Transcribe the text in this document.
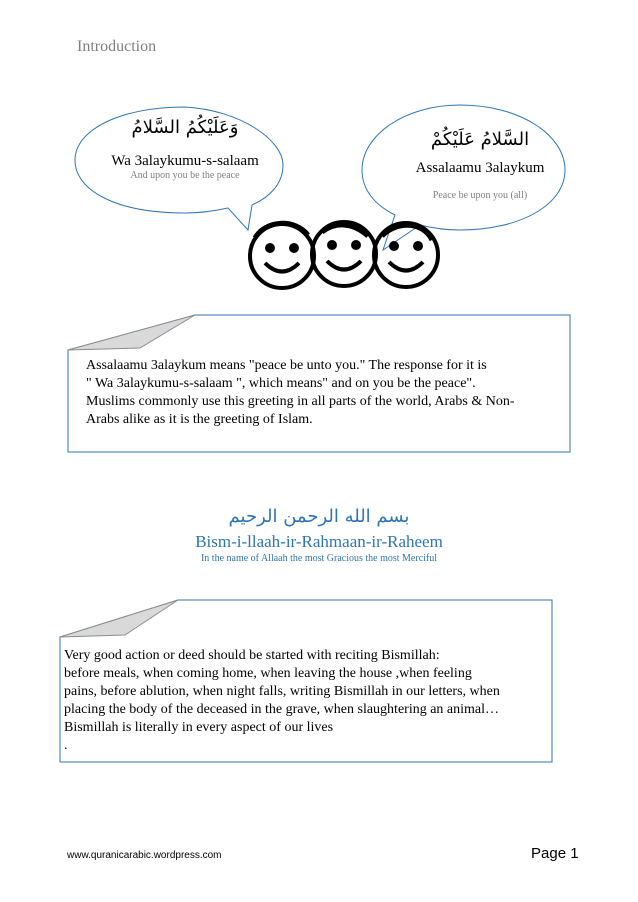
Introduction
وَعَلَيْكُمُ السَّلامُ
Wa 3alaykumu-s-salaam
And upon you be the peace
السَّلامُ عَلَيْكُمْ
Assalaamu 3alaykum
Peace be upon you (all)
Assalaamu 3alaykum means "peace be unto you." The response for it is
" Wa 3alaykumu-s-salaam ", which means" and on you be the peace".
Muslims commonly use this greeting in all parts of the world, Arabs & Non-
Arabs alike as it is the greeting of Islam.
بسم الله الرحمن الرحيم
Bism-i-llaah-ir-Rahmaan-ir-Raheem
In the name of Allaah the most Gracious the most Merciful
Very good action or deed should be started with reciting Bismillah:
before meals, when coming home, when leaving the house ,when feeling
pains, before ablution, when night falls, writing Bismillah in our letters, when
placing the body of the deceased in the grave, when slaughtering an animal…
Bismillah is literally in every aspect of our lives
.
www.quranicarabic.wordpress.com	Page 1
